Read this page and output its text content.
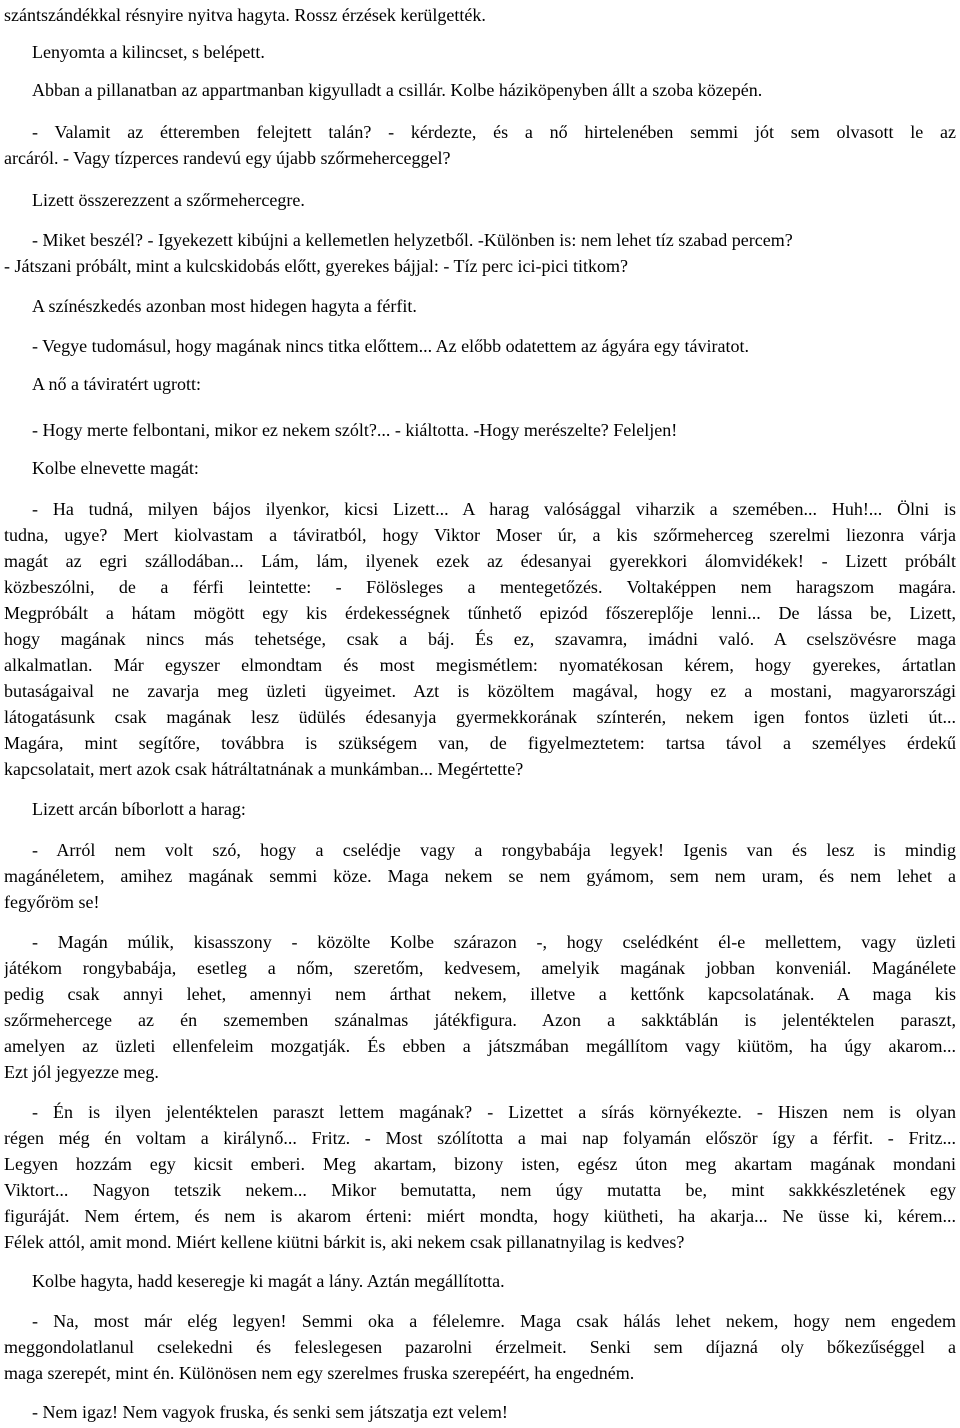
szántszándékkal résnyire nyitva hagyta. Rossz érzések kerülgették.
Lenyomta a kilincset, s belépett.
Abban a pillanatban az appartmanban kigyulladt a csillár. Kolbe háziköpenyben állt a szoba közepén.
- Valamit az étteremben felejtett talán? - kérdezte, és a nő hirtelenében semmi jót sem olvasott le az
arcáról. - Vagy tízperces randevú egy újabb szőrmeherceggel?
Lizett összerezzent a szőrmehercegre.
- Miket beszél? - Igyekezett kibújni a kellemetlen helyzetből. -Különben is: nem lehet tíz szabad percem?
- Játszani próbált, mint a kulcskidobás előtt, gyerekes bájjal: - Tíz perc ici-pici titkom?
A színészkedés azonban most hidegen hagyta a férfit.
- Vegye tudomásul, hogy magának nincs titka előttem... Az előbb odatettem az ágyára egy táviratot.
A nő a táviratért ugrott:
- Hogy merte felbontani, mikor ez nekem szólt?... - kiáltotta. -Hogy merészelte? Feleljen!
Kolbe elnevette magát:
- Ha tudná, milyen bájos ilyenkor, kicsi Lizett... A harag valósággal viharzik a szemében... Huh!... Ölni is
tudna, ugye? Mert kiolvastam a táviratból, hogy Viktor Moser úr, a kis szőrmeherceg szerelmi liezonra várja
magát az egri szállodában... Lám, lám, ilyenek ezek az édesanyai gyerekkori álomvidékek! - Lizett próbált
közbeszólni, de a férfi leintette: - Fölösleges a mentegetőzés. Voltaképpen nem haragszom magára.
Megpróbált a hátam mögött egy kis érdekességnek tűnhető epizód főszereplője lenni... De lássa be, Lizett,
hogy magának nincs más tehetsége, csak a báj. És ez, szavamra, imádni való. A cselszövésre maga
alkalmatlan. Már egyszer elmondtam és most megismétlem: nyomatékosan kérem, hogy gyerekes, ártatlan
butaságaival ne zavarja meg üzleti ügyeimet. Azt is közöltem magával, hogy ez a mostani, magyarországi
látogatásunk csak magának lesz üdülés édesanyja gyermekkorának színterén, nekem igen fontos üzleti út...
Magára, mint segítőre, továbbra is szükségem van, de figyelmeztetem: tartsa távol a személyes érdekű
kapcsolatait, mert azok csak hátráltatnának a munkámban... Megértette?
Lizett arcán bíborlott a harag:
- Arról nem volt szó, hogy a cselédje vagy a rongybabája legyek! Igenis van és lesz is mindig
magánéletem, amihez magának semmi köze. Maga nekem se nem gyámom, sem nem uram, és nem lehet a
fegyőröm se!
- Magán múlik, kisasszony - közölte Kolbe szárazon -, hogy cselédként él-e mellettem, vagy üzleti
játékom rongybabája, esetleg a nőm, szeretőm, kedvesem, amelyik magának jobban konveniál. Magánélete
pedig csak annyi lehet, amennyi nem árthat nekem, illetve a kettőnk kapcsolatának. A maga kis
szőrmehercege az én szememben szánalmas játékfigura. Azon a sakktáblán is jelentéktelen paraszt,
amelyen az üzleti ellenfeleim mozgatják. És ebben a játszmában megállítom vagy kiütöm, ha úgy akarom...
Ezt jól jegyezze meg.
- Én is ilyen jelentéktelen paraszt lettem magának? - Lizettet a sírás környékezte. - Hiszen nem is olyan
régen még én voltam a királynő... Fritz. - Most szólította a mai nap folyamán először így a férfit. - Fritz...
Legyen hozzám egy kicsit emberi. Meg akartam, bizony isten, egész úton meg akartam magának mondani
Viktort... Nagyon tetszik nekem... Mikor bemutatta, nem úgy mutatta be, mint sakkkészletének egy
figuráját. Nem értem, és nem is akarom érteni: miért mondta, hogy kiütheti, ha akarja... Ne üsse ki, kérem...
Félek attól, amit mond. Miért kellene kiütni bárkit is, aki nekem csak pillanatnyilag is kedves?
Kolbe hagyta, hadd keseregje ki magát a lány. Aztán megállította.
- Na, most már elég legyen! Semmi oka a félelemre. Maga csak hálás lehet nekem, hogy nem engedem
meggondolatlanul cselekedni és feleslegesen pazarolni érzelmeit. Senki sem díjazná oly bőkezűséggel a
maga szerepét, mint én. Különösen nem egy szerelmes fruska szerepéért, ha engedném.
- Nem igaz! Nem vagyok fruska, és senki sem játszatja ezt velem!
